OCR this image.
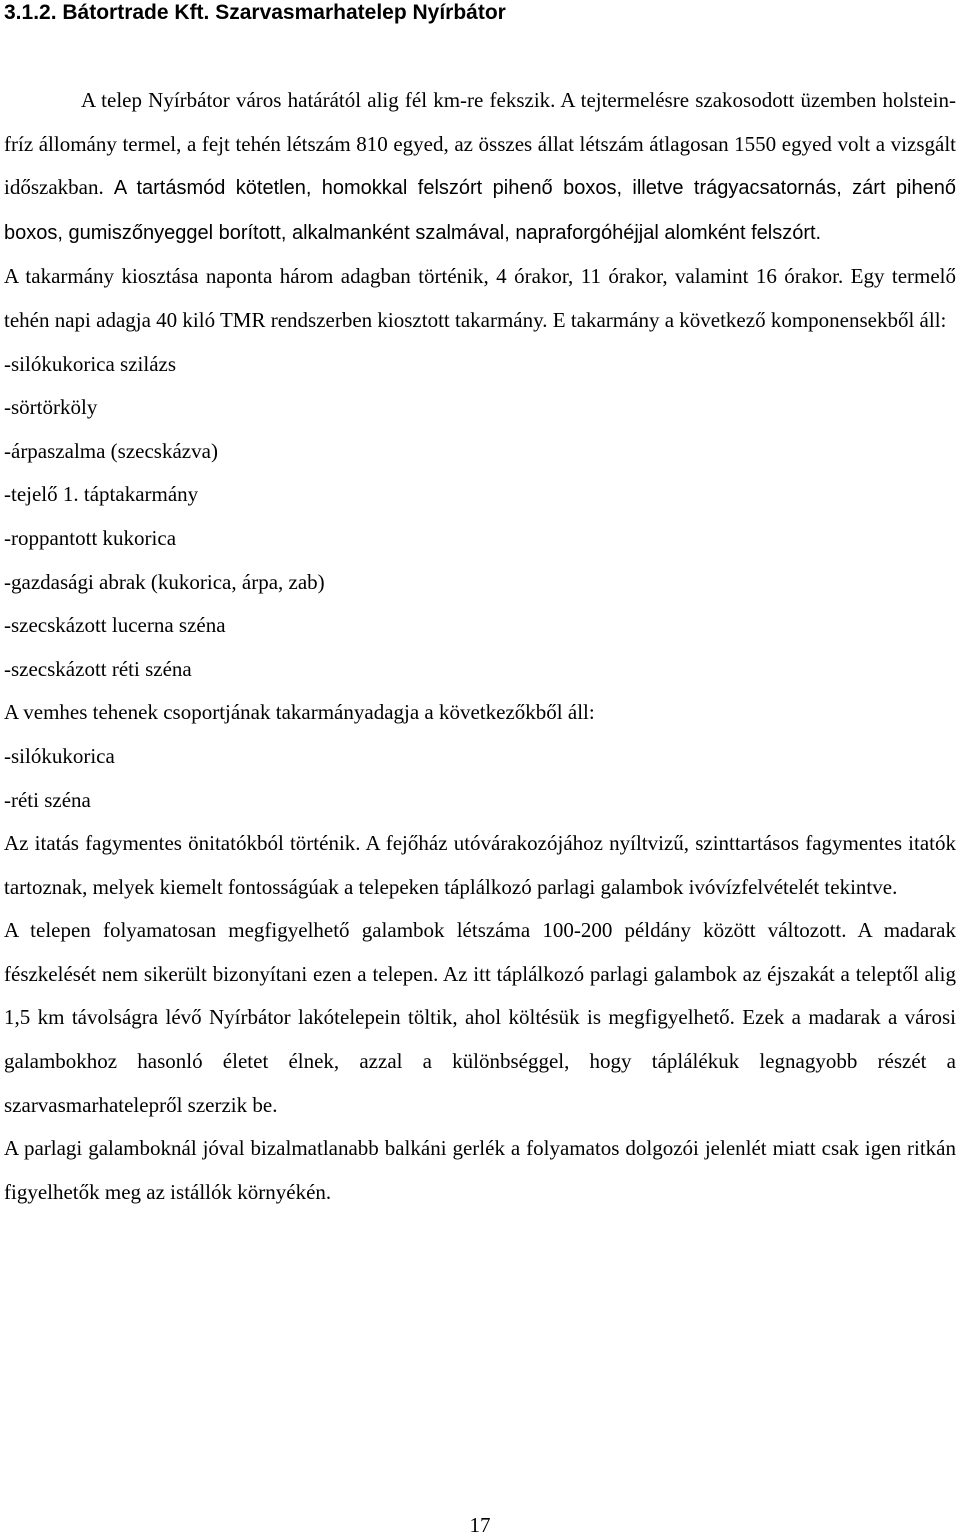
3.1.2. Bátortrade Kft. Szarvasmarhatelep Nyírbátor

A telep Nyírbátor város határától alig fél km-re fekszik. A tejtermelésre szakosodott üzemben holstein-fríz állomány termel, a fejt tehén létszám 810 egyed, az összes állat létszám átlagosan 1550 egyed volt a vizsgált időszakban. A tartásmód kötetlen, homokkal felszórt pihenő boxos, illetve trágyacsatornás, zárt pihenő boxos, gumiszőnyeggel borított, alkalmanként szalmával, napraforgóhéjjal alomként felszórt.

A takarmány kiosztása naponta három adagban történik, 4 órakor, 11 órakor, valamint 16 órakor. Egy termelő tehén napi adagja 40 kiló TMR rendszerben kiosztott takarmány. E takarmány a következő komponensekből áll:

-silókukorica szilázs
-sörtörköly
-árpaszalma (szecskázva)
-tejelő 1. táptakarmány
-roppantott kukorica
-gazdasági abrak (kukorica, árpa, zab)
-szecskázott lucerna széna
-szecskázott réti széna

A vemhes tehenek csoportjának takarmányadagja a következőkből áll:

-silókukorica
-réti széna

Az itatás fagymentes önitatókból történik. A fejőház utóvárakozójához nyíltvizű, szinttartásos fagymentes itatók tartoznak, melyek kiemelt fontosságúak a telepeken táplálkozó parlagi galambok ivóvízfelvételét tekintve.

A telepen folyamatosan megfigyelhető galambok létszáma 100-200 példány között változott. A madarak fészkelését nem sikerült bizonyítani ezen a telepen. Az itt táplálkozó parlagi galambok az éjszakát a teleptől alig 1,5 km távolságra lévő Nyírbátor lakótelepein töltik, ahol költésük is megfigyelhető. Ezek a madarak a városi galambokhoz hasonló életet élnek, azzal a különbséggel, hogy táplálékuk legnagyobb részét a szarvasmarhatelepről szerzik be.

A parlagi galamboknál jóval bizalmatlanabb balkáni gerlék a folyamatos dolgozói jelenlét miatt csak igen ritkán figyelhetők meg az istállók környékén.

17
